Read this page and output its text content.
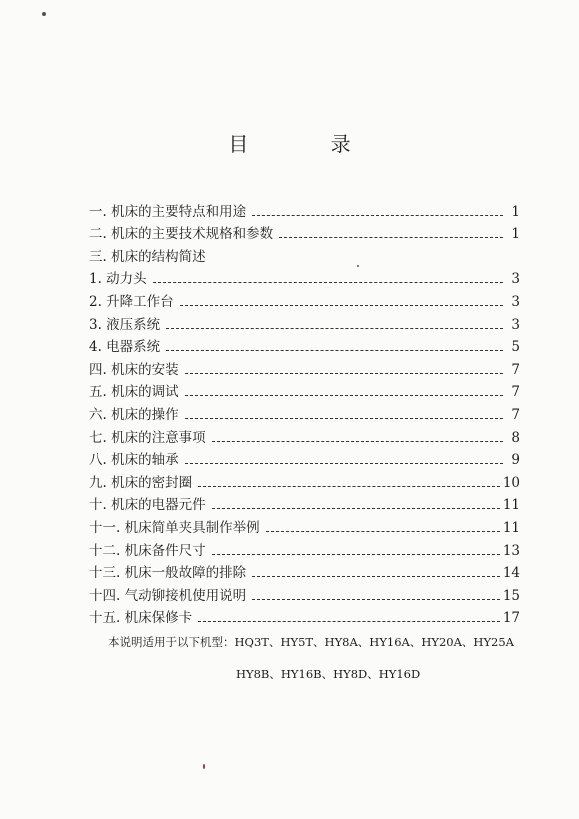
目 录
一. 机床的主要特点和用途	1
二. 机床的主要技术规格和参数	1
三. 机床的结构简述
1. 动力头	3
2. 升降工作台	3
3. 液压系统	3
4. 电器系统	5
四. 机床的安装	7
五. 机床的调试	7
六. 机床的操作	7
七. 机床的注意事项	8
八. 机床的轴承	9
九. 机床的密封圈	10
十. 机床的电器元件	11
十一. 机床简单夹具制作举例	11
十二. 机床备件尺寸	13
十三. 机床一般故障的排除	14
十四. 气动铆接机使用说明	15
十五. 机床保修卡	17
本说明适用于以下机型：HQ3T、HY5T、HY8A、HY16A、HY20A、HY25A
HY8B、HY16B、HY8D、HY16D
